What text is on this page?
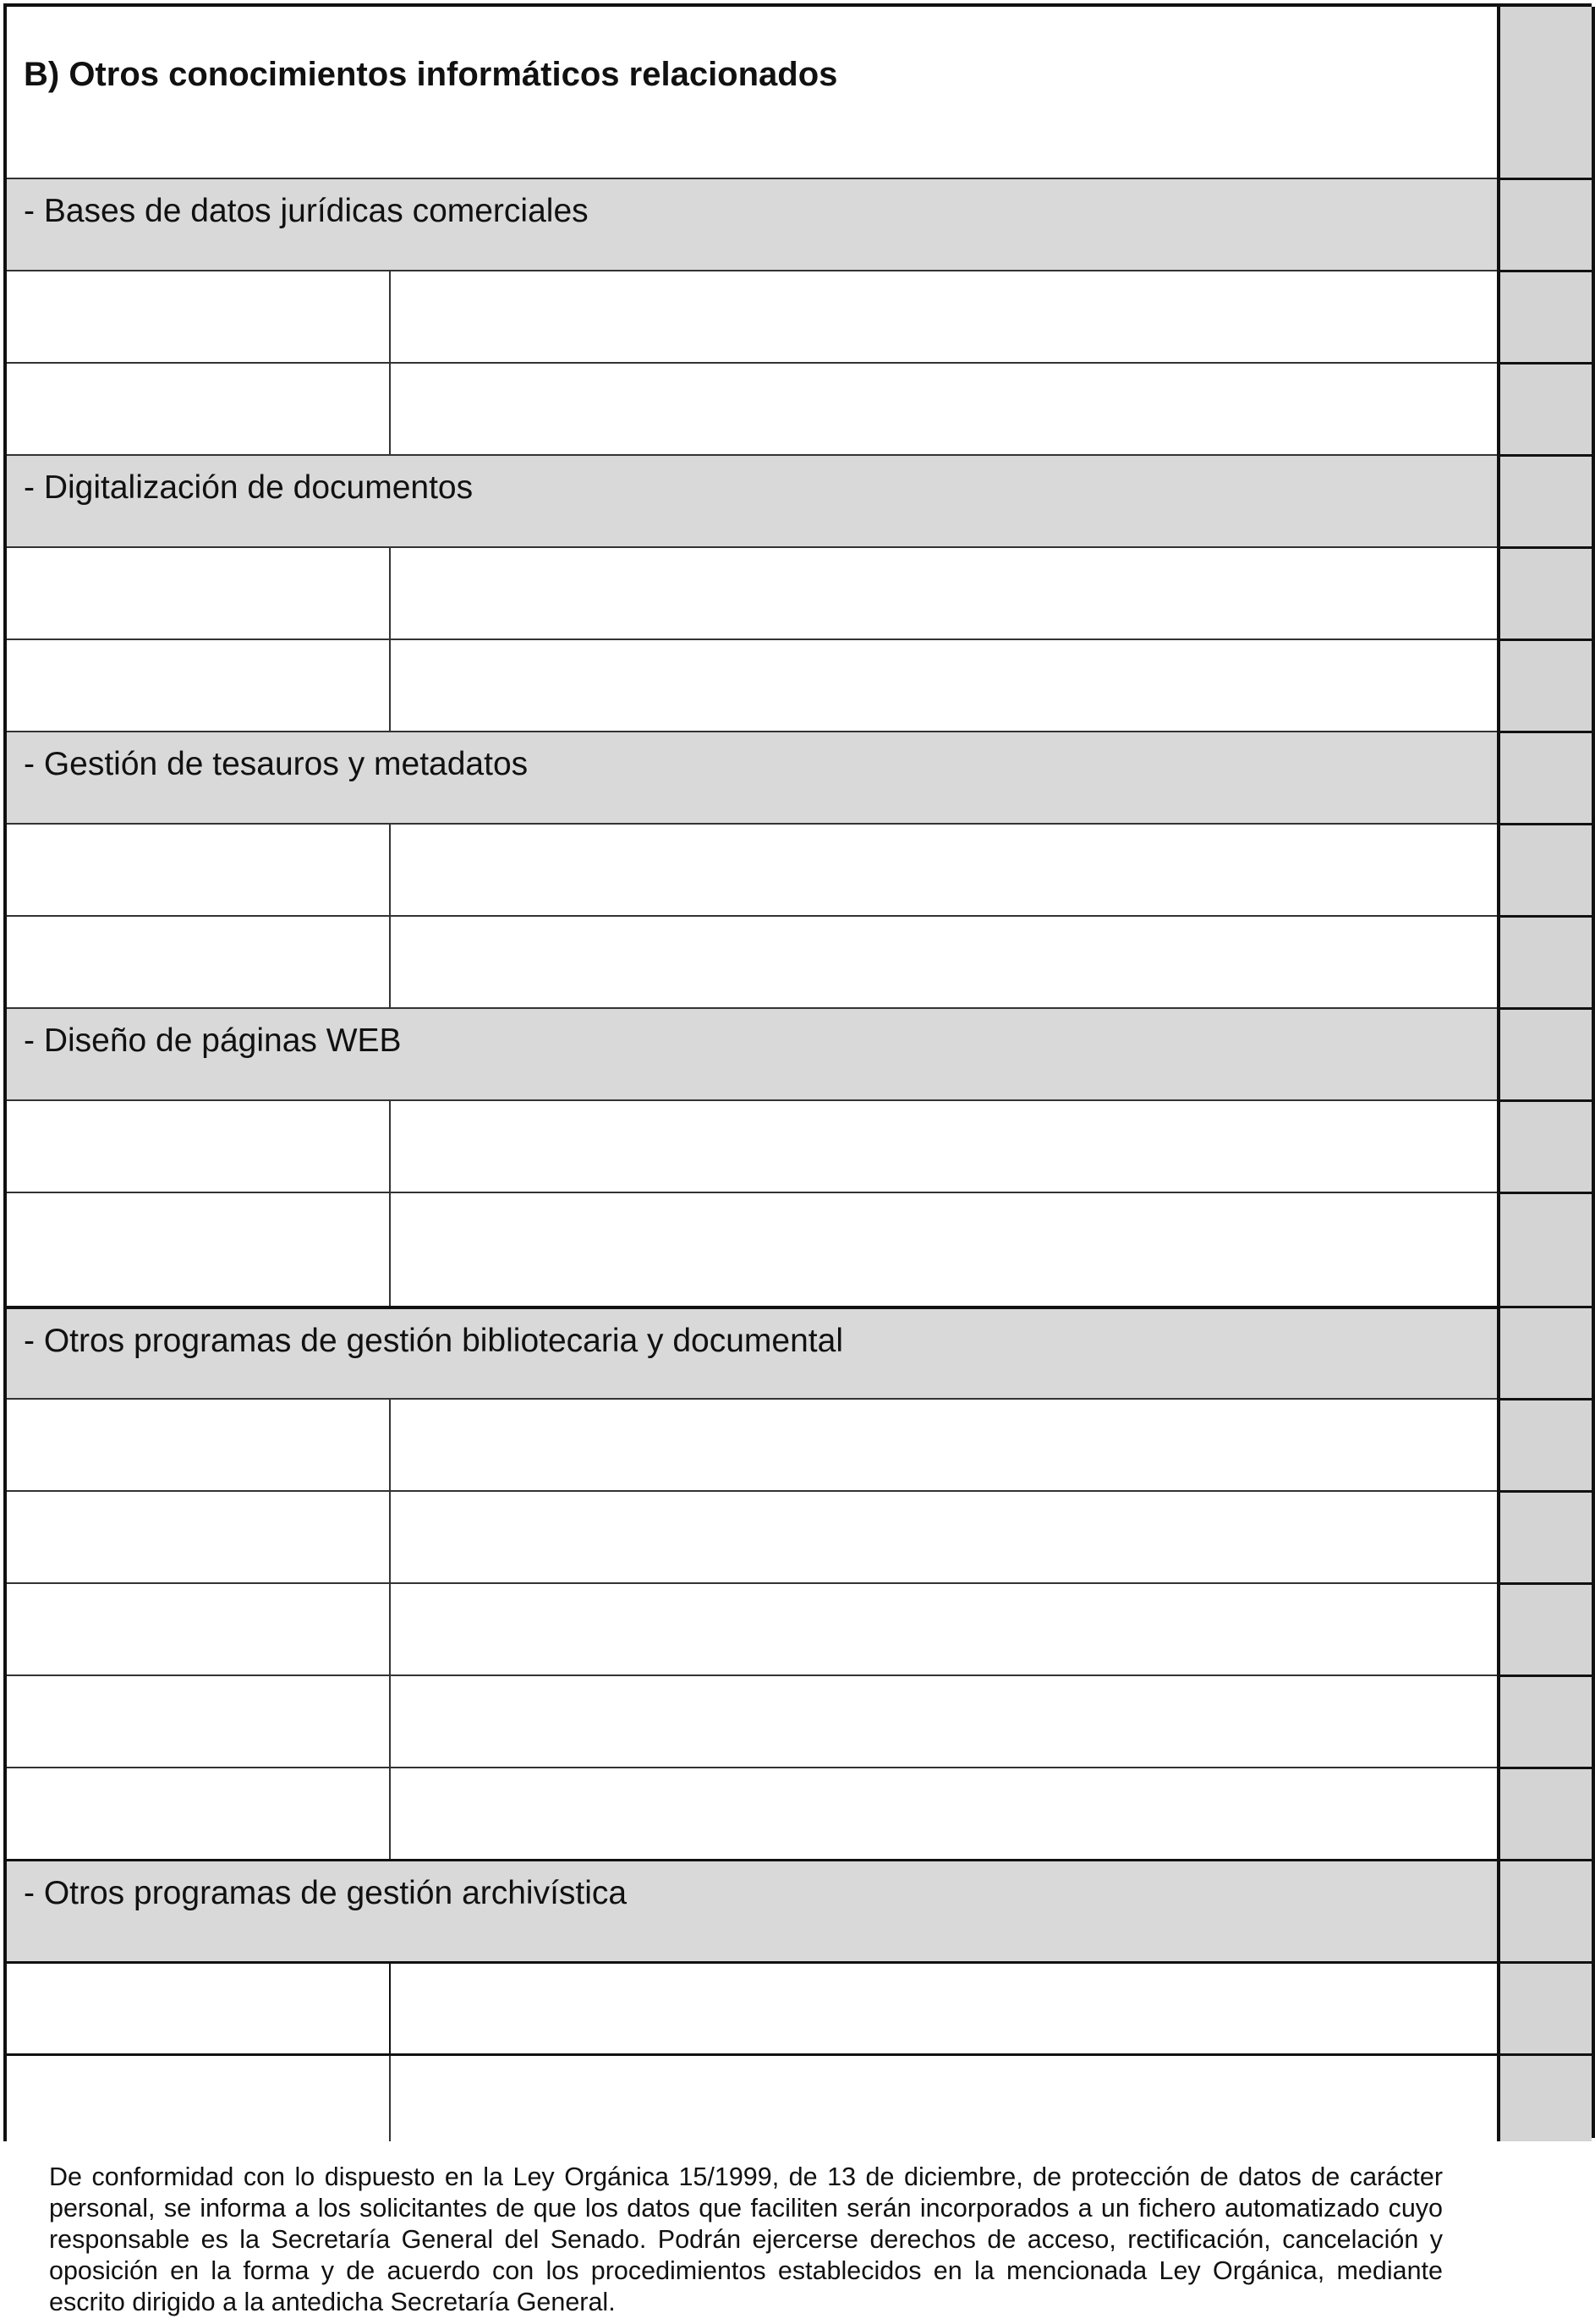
B) Otros conocimientos informáticos relacionados
- Bases de datos jurídicas comerciales
- Digitalización de documentos
- Gestión de tesauros y metadatos
- Diseño de páginas WEB
- Otros programas de gestión bibliotecaria y documental
- Otros programas de gestión archivística
De conformidad con lo dispuesto en la Ley Orgánica 15/1999, de 13 de diciembre, de protección de datos de carácter personal, se informa a los solicitantes de que los datos que faciliten serán incorporados a un fichero automatizado cuyo responsable es la Secretaría General del Senado. Podrán ejercerse derechos de acceso, rectificación, cancelación y oposición en la forma y de acuerdo con los procedimientos establecidos en la mencionada Ley Orgánica, mediante escrito dirigido a la antedicha Secretaría General.
